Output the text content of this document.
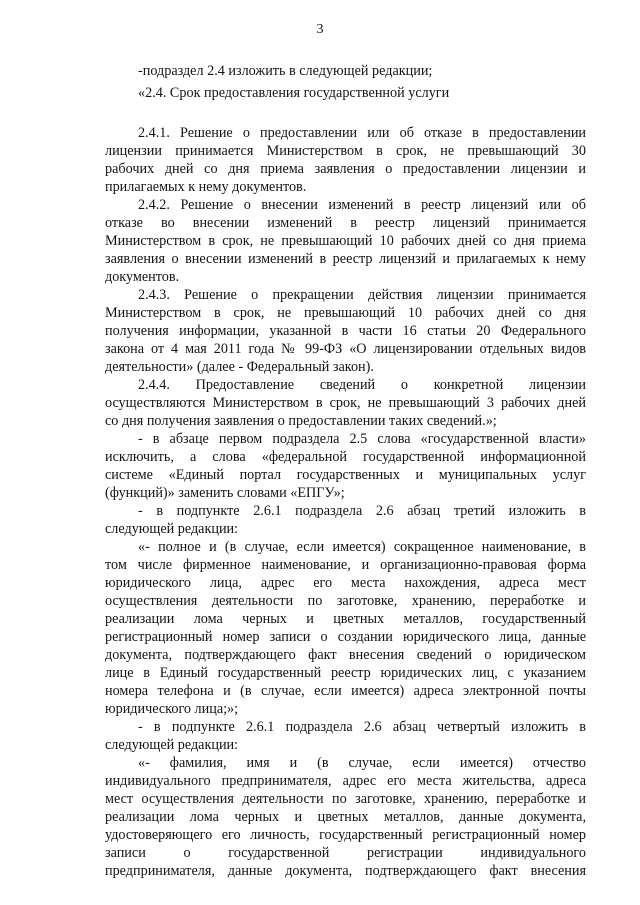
3
-подраздел 2.4 изложить в следующей редакции;
«2.4. Срок предоставления государственной услуги
2.4.1. Решение о предоставлении или об отказе в предоставлении
лицензии принимается Министерством в срок, не превышающий 30
рабочих дней со дня приема заявления о предоставлении лицензии и
прилагаемых к нему документов.
2.4.2. Решение о внесении изменений в реестр лицензий или об
отказе во внесении изменений в реестр лицензий принимается
Министерством в срок, не превышающий 10 рабочих дней со дня приема
заявления о внесении изменений в реестр лицензий и прилагаемых к нему
документов.
2.4.3. Решение о прекращении действия лицензии принимается
Министерством в срок, не превышающий 10 рабочих дней со дня
получения информации, указанной в части 16 статьи 20 Федерального
закона от 4 мая 2011 года № 99-ФЗ «О лицензировании отдельных видов
деятельности» (далее - Федеральный закон).
2.4.4. Предоставление сведений о конкретной лицензии
осуществляются Министерством в срок, не превышающий 3 рабочих дней
со дня получения заявления о предоставлении таких сведений.»;
- в абзаце первом подраздела 2.5 слова «государственной власти»
исключить, а слова «федеральной государственной информационной
системе «Единый портал государственных и муниципальных услуг
(функций)» заменить словами «ЕПГУ»;
- в подпункте 2.6.1 подраздела 2.6 абзац третий изложить в
следующей редакции:
«- полное и (в случае, если имеется) сокращенное наименование, в
том числе фирменное наименование, и организационно-правовая форма
юридического лица, адрес его места нахождения, адреса мест
осуществления деятельности по заготовке, хранению, переработке и
реализации лома черных и цветных металлов, государственный
регистрационный номер записи о создании юридического лица, данные
документа, подтверждающего факт внесения сведений о юридическом
лице в Единый государственный реестр юридических лиц, с указанием
номера телефона и (в случае, если имеется) адреса электронной почты
юридического лица;»;
- в подпункте 2.6.1 подраздела 2.6 абзац четвертый изложить в
следующей редакции:
«- фамилия, имя и (в случае, если имеется) отчество
индивидуального предпринимателя, адрес его места жительства, адреса
мест осуществления деятельности по заготовке, хранению, переработке и
реализации лома черных и цветных металлов, данные документа,
удостоверяющего его личность, государственный регистрационный номер
записи о государственной регистрации индивидуального
предпринимателя, данные документа, подтверждающего факт внесения
